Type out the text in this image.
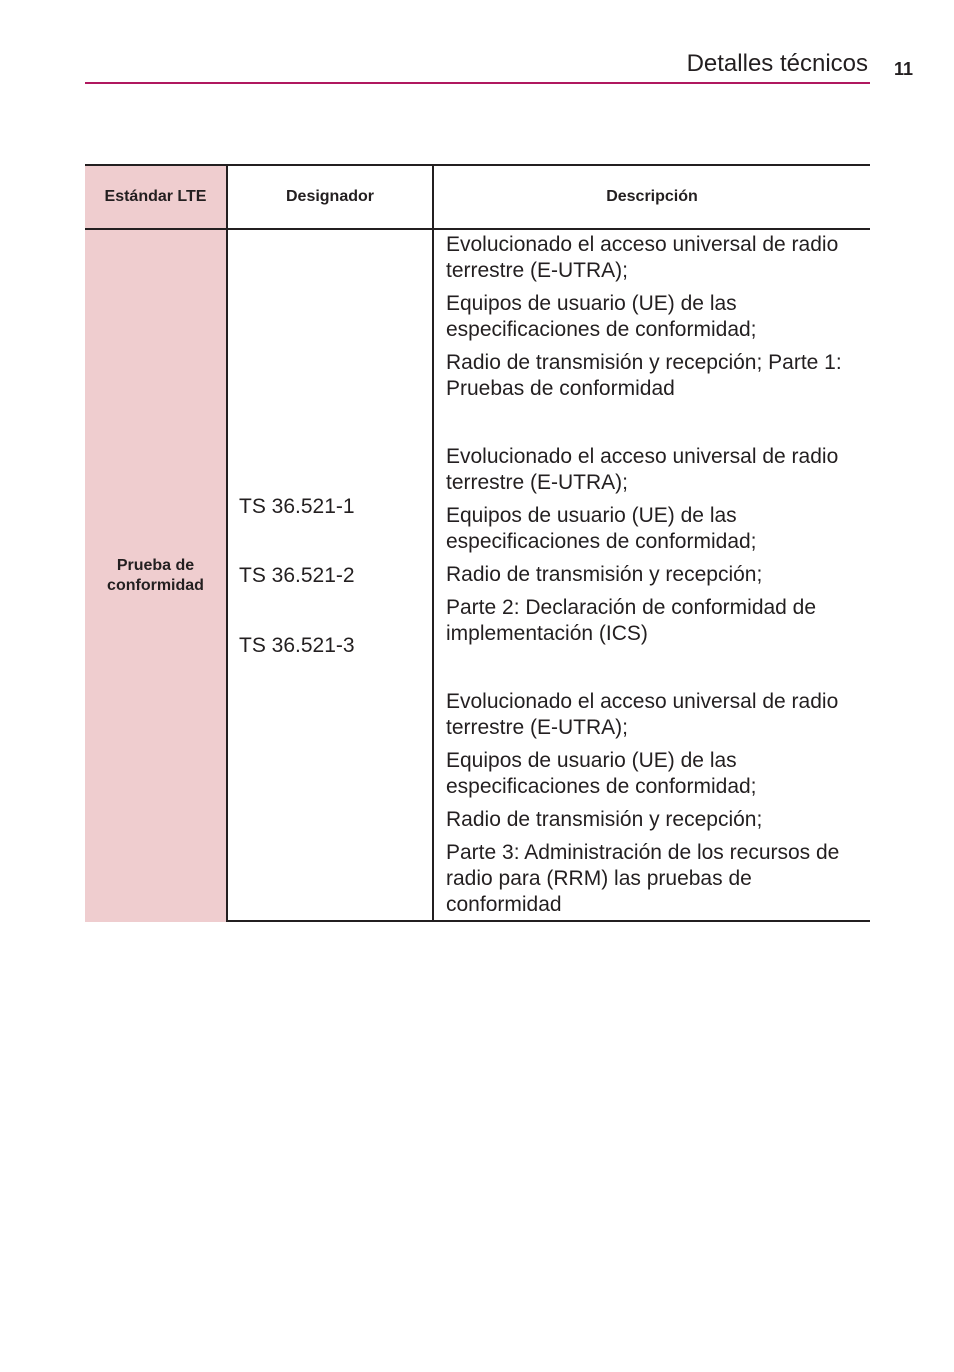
Detalles técnicos 11
Estándar LTE	Designador	Descripción
Prueba de conformidad
TS 36.521-1
TS 36.521-2
TS 36.521-3

Evolucionado el acceso universal de radio terrestre (E-UTRA);

Equipos de usuario (UE) de las especificaciones de conformidad;

Radio de transmisión y recepción; Parte 1: Pruebas de conformidad

Evolucionado el acceso universal de radio terrestre (E-UTRA);

Equipos de usuario (UE) de las especificaciones de conformidad;

Radio de transmisión y recepción;

Parte 2: Declaración de conformidad de implementación (ICS)

Evolucionado el acceso universal de radio terrestre (E-UTRA);

Equipos de usuario (UE) de las especificaciones de conformidad;

Radio de transmisión y recepción;

Parte 3: Administración de los recursos de radio para (RRM) las pruebas de conformidad
